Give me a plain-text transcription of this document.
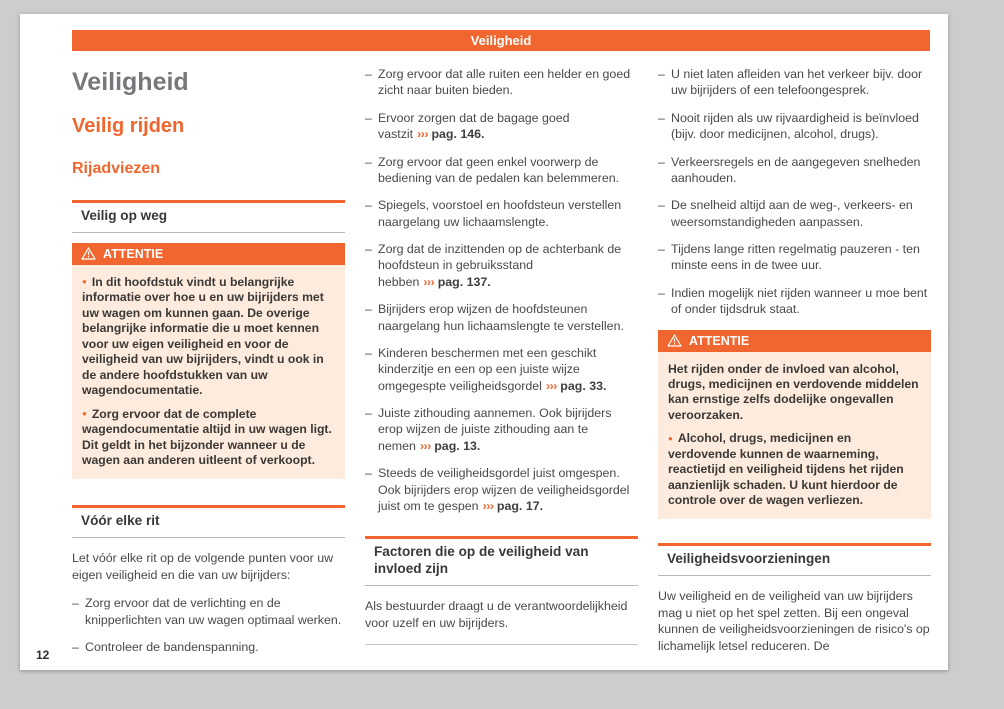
Veiligheid
Veiligheid
Veilig rijden
Rijadviezen
Veilig op weg
ATTENTIE

● In dit hoofdstuk vindt u belangrijke informatie over hoe u en uw bijrijders met uw wagen om kunnen gaan. De overige belangrijke informatie die u moet kennen voor uw eigen veiligheid en voor de veiligheid van uw bijrijders, vindt u ook in de andere hoofdstukken van uw wagendocumentatie.

● Zorg ervoor dat de complete wagendocumentatie altijd in uw wagen ligt. Dit geldt in het bijzonder wanneer u de wagen aan anderen uitleent of verkoopt.

Vóór elke rit

Let vóór elke rit op de volgende punten voor uw eigen veiligheid en die van uw bijrijders:

– Zorg ervoor dat de verlichting en de knipperlichten van uw wagen optimaal werken.
– Controleer de bandenspanning.
– Zorg ervoor dat alle ruiten een helder en goed zicht naar buiten bieden.
– Ervoor zorgen dat de bagage goed vastzit ››› pag. 146.
– Zorg ervoor dat geen enkel voorwerp de bediening van de pedalen kan belemmeren.
– Spiegels, voorstoel en hoofdsteun verstellen naargelang uw lichaamslengte.
– Zorg dat de inzittenden op de achterbank de hoofdsteun in gebruiksstand hebben ››› pag. 137.
– Bijrijders erop wijzen de hoofdsteunen naargelang hun lichaamslengte te verstellen.
– Kinderen beschermen met een geschikt kinderzitje en een op een juiste wijze omgegespte veiligheidsgordel ››› pag. 33.
– Juiste zithouding aannemen. Ook bijrijders erop wijzen de juiste zithouding aan te nemen ››› pag. 13.
– Steeds de veiligheidsgordel juist omgespen. Ook bijrijders erop wijzen de veiligheidsgordel juist om te gespen ››› pag. 17.
Factoren die op de veiligheid van invloed zijn

Als bestuurder draagt u de verantwoordelijkheid voor uzelf en uw bijrijders.

– U niet laten afleiden van het verkeer bijv. door uw bijrijders of een telefoongesprek.
– Nooit rijden als uw rijvaardigheid is beïnvloed (bijv. door medicijnen, alcohol, drugs).
– Verkeersregels en de aangegeven snelheden aanhouden.
– De snelheid altijd aan de weg-, verkeers- en weersomstandigheden aanpassen.
– Tijdens lange ritten regelmatig pauzeren - ten minste eens in de twee uur.
– Indien mogelijk niet rijden wanneer u moe bent of onder tijdsdruk staat.
ATTENTIE

Het rijden onder de invloed van alcohol, drugs, medicijnen en verdovende middelen kan ernstige zelfs dodelijke ongevallen veroorzaken.

● Alcohol, drugs, medicijnen en verdovende kunnen de waarneming, reactietijd en veiligheid tijdens het rijden aanzienlijk schaden. U kunt hierdoor de controle over de wagen verliezen.

Veiligheidsvoorzieningen

Uw veiligheid en de veiligheid van uw bijrijders mag u niet op het spel zetten. Bij een ongeval kunnen de veiligheidsvoorzieningen de risico's op lichamelijk letsel reduceren. De

12
